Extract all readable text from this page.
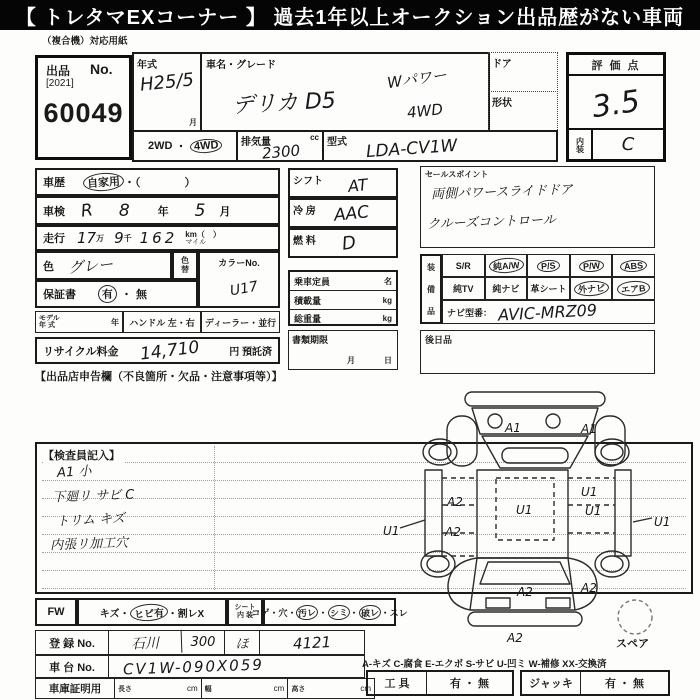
【 トレタマEXコーナー 】 過去1年以上オークション出品歴がない車両
（複合機）対応用紙
出品 No.
[2021]
60049
年式
H25/5
月
車名・グレード
デリカ D5
Wパワー
4WD
ドア
形状
2WD ・ 4WD	排気量	cc
2300	型式 LDA-CV1W
評 価 点
3.5
内装	C
車歴	自家用 ・（　　　　）
車検 R 8	年 5 月
走行 17 万 9 千 162 km（　）
マイル
色 グレー	色
替
カラーNo.
U17
保証書	有 ・ 無
モデル
年 式	年	ハンドル 左・右	ディーラー・並行
リサイクル料金 14,710	円 預託済
【出品店申告欄（不良箇所・欠品・注意事項等）】
シフト AT
冷 房 AAC
燃 料 D
乗車定員	名
積載量	kg
総重量	kg
書類期限
月	日
セールスポイント
両側パワースライドドア
クルーズコントロール
装
備
品
S/R	純A/W	P/S	P/W	ABS
純TV 純ナビ 革シート	外ナビ	エアB
ナビ型番： AVIC-MRZ09
後日品
【検査員記入】
A1 小
下廻リ サビ C
トリム キズ
内張リ加工穴
A1	A1
U1
U1
U1
A2
A2
U1
U1
A2
A2
A2	スペア
FW	キズ ・ ヒビ有 ・ 割レX
シート
内 装
コゲ ・ 穴 ・ 汚レ ・ シミ ・ 破レ ・ スレ
登 録 No.	石川	300	ほ	4121
車 台 No.	CV1W-090X059
車庫証明用	長さ	cm 幅	cm 高さ	cm
A-キズ C-腐食 E-エクボ S-サビ U-凹ミ W-補修 XX-交換済
工 具	有 ・ 無	ジャッキ	有 ・ 無
